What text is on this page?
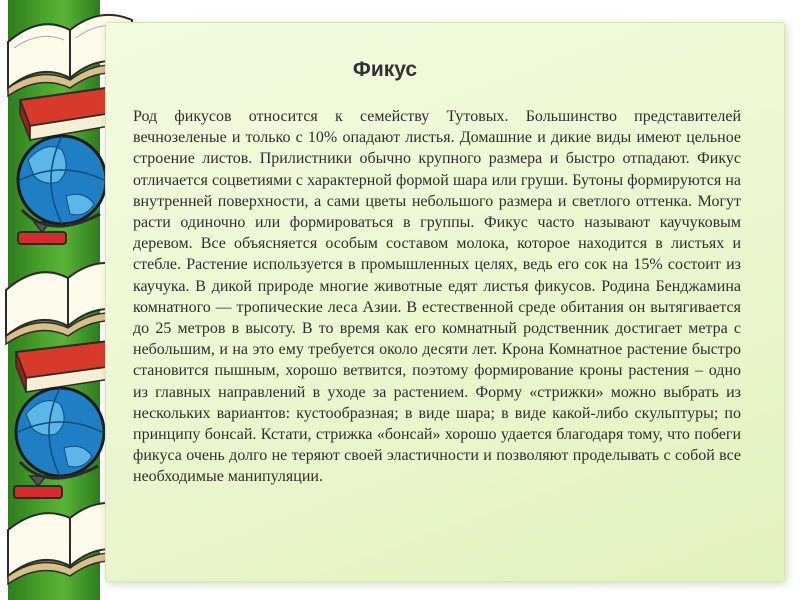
Фикус

Род фикусов относится к семейству Тутовых. Большинство представителей вечнозеленые и только с 10% опадают листья. Домашние и дикие виды имеют цельное строение листов. Прилистники обычно крупного размера и быстро отпадают. Фикус отличается соцветиями с характерной формой шара или груши. Бутоны формируются на внутренней поверхности, а сами цветы небольшого размера и светлого оттенка. Могут расти одиночно или формироваться в группы. Фикус часто называют каучуковым деревом. Все объясняется особым составом молока, которое находится в листьях и стебле. Растение используется в промышленных целях, ведь его сок на 15% состоит из каучука. В дикой природе многие животные едят листья фикусов. Родина Бенджамина комнатного — тропические леса Азии. В естественной среде обитания он вытягивается до 25 метров в высоту. В то время как его комнатный родственник достигает метра с небольшим, и на это ему требуется около десяти лет. Крона Комнатное растение быстро становится пышным, хорошо ветвится, поэтому формирование кроны растения – одно из главных направлений в уходе за растением. Форму «стрижки» можно выбрать из нескольких вариантов: кустообразная; в виде шара; в виде какой-либо скульптуры; по принципу бонсай. Кстати, стрижка «бонсай» хорошо удается благодаря тому, что побеги фикуса очень долго не теряют своей эластичности и позволяют проделывать с собой все необходимые манипуляции.
